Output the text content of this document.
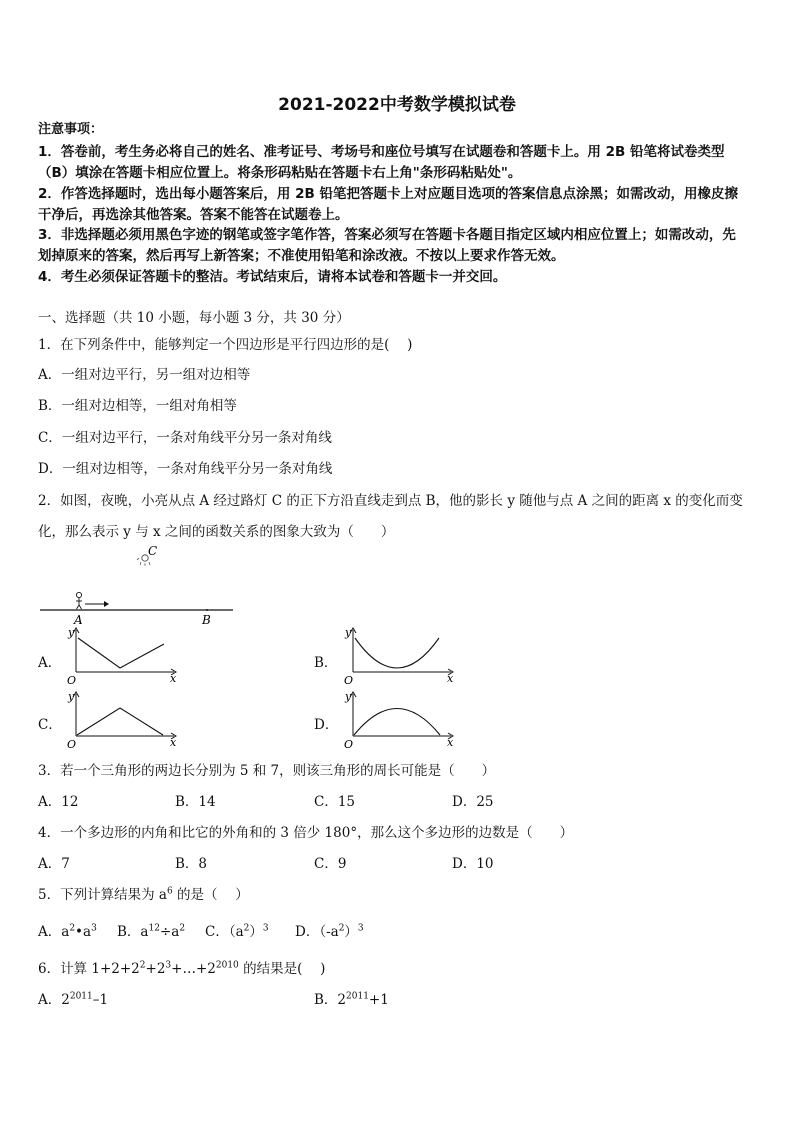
2021-2022中考数学模拟试卷
注意事项：
1．答卷前，考生务必将自己的姓名、准考证号、考场号和座位号填写在试题卷和答题卡上。用 2B 铅笔将试卷类型
（B）填涂在答题卡相应位置上。将条形码粘贴在答题卡右上角"条形码粘贴处"。
2．作答选择题时，选出每小题答案后，用 2B 铅笔把答题卡上对应题目选项的答案信息点涂黑；如需改动，用橡皮擦
干净后，再选涂其他答案。答案不能答在试题卷上。
3．非选择题必须用黑色字迹的钢笔或签字笔作答，答案必须写在答题卡各题目指定区域内相应位置上；如需改动，先
划掉原来的答案，然后再写上新答案；不准使用铅笔和涂改液。不按以上要求作答无效。
4．考生必须保证答题卡的整洁。考试结束后，请将本试卷和答题卡一并交回。
一、选择题（共 10 小题，每小题 3 分，共 30 分）
1．在下列条件中，能够判定一个四边形是平行四边形的是(　 )
A．一组对边平行，另一组对边相等
B．一组对边相等，一组对角相等
C．一组对边平行，一条对角线平分另一条对角线
D．一组对边相等，一条对角线平分另一条对角线
2．如图，夜晚，小亮从点 A 经过路灯 C 的正下方沿直线走到点 B，他的影长 y 随他与点 A 之间的距离 x 的变化而变
化，那么表示 y 与 x 之间的函数关系的图象大致为（　　）
C
A	B
A．	B．
C．	D．
y
x
O
y
x
O
y
x
O
y
x
O
3．若一个三角形的两边长分别为 5 和 7，则该三角形的周长可能是（　　）
A．12	B．14	C．15	D．25
4．一个多边形的内角和比它的外角和的 3 倍少 180°，那么这个多边形的边数是（　　）
A．7	B．8	C．9	D．10
5．下列计算结果为 $a^6$ 的是（　 ）
A．$a^2•a^3$ B．$a^{12}\div a^2$ C．$(a^2)^3$ D．$(-a^2)^3$
6．计算 $1+2+2^2+2^3+\dots+2^{2010}$ 的结果是(　 )
A．$2^{2011}-1$	B．$2^{2011}+1$
